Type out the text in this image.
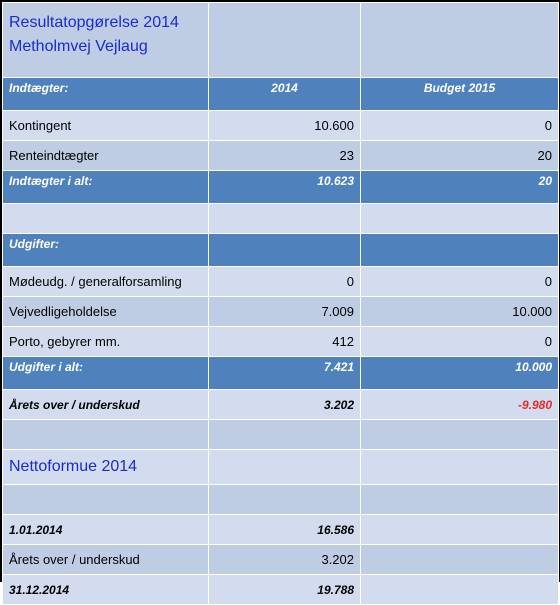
Resultatopgørelse 2014
Metholmvej Vejlaug		
Indtægter:	2014	Budget 2015
Kontingent	10.600	0
Renteindtægter	23	20
Indtægter i alt:	10.623	20

Udgifter:		
Mødeudg. / generalforsamling	0	0
Vejvedligeholdelse	7.009	10.000
Porto, gebyrer mm.	412	0
Udgifter i alt:	7.421	10.000
Årets over / underskud	3.202	-9.980

Nettoformue 2014		

1.01.2014	16.586	
Årets over / underskud	3.202	
31.12.2014	19.788	
